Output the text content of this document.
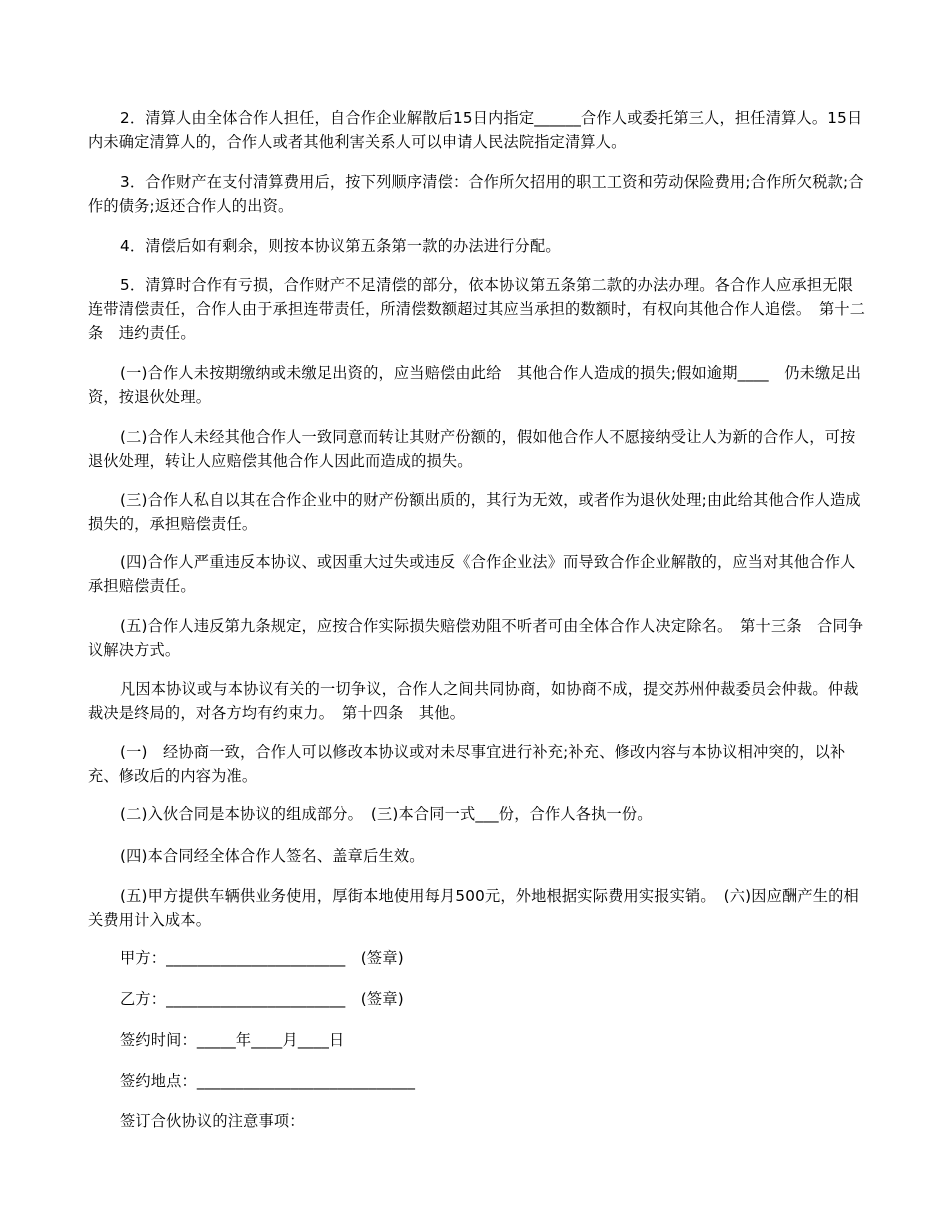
2．清算人由全体合作人担任，自合作企业解散后15日内指定______合作人或委托第三人，担任清算人。15日内未确定清算人的，合作人或者其他利害关系人可以申请人民法院指定清算人。

3．合作财产在支付清算费用后，按下列顺序清偿：合作所欠招用的职工工资和劳动保险费用;合作所欠税款;合作的债务;返还合作人的出资。

4．清偿后如有剩余，则按本协议第五条第一款的办法进行分配。

5．清算时合作有亏损，合作财产不足清偿的部分，依本协议第五条第二款的办法办理。各合作人应承担无限连带清偿责任，合作人由于承担连带责任，所清偿数额超过其应当承担的数额时，有权向其他合作人追偿。　第十二条　违约责任。

(一)合作人未按期缴纳或未缴足出资的，应当赔偿由此给　其他合作人造成的损失;假如逾期____　仍未缴足出资，按退伙处理。

(二)合作人未经其他合作人一致同意而转让其财产份额的，假如他合作人不愿接纳受让人为新的合作人，可按退伙处理，转让人应赔偿其他合作人因此而造成的损失。

(三)合作人私自以其在合作企业中的财产份额出质的，其行为无效，或者作为退伙处理;由此给其他合作人造成损失的，承担赔偿责任。

(四)合作人严重违反本协议、或因重大过失或违反《合作企业法》而导致合作企业解散的，应当对其他合作人承担赔偿责任。

(五)合作人违反第九条规定，应按合作实际损失赔偿劝阻不听者可由全体合作人决定除名。　第十三条　合同争议解决方式。

凡因本协议或与本协议有关的一切争议，合作人之间共同协商，如协商不成，提交苏州仲裁委员会仲裁。仲裁裁决是终局的，对各方均有约束力。　第十四条　其他。

(一)　经协商一致，合作人可以修改本协议或对未尽事宜进行补充;补充、修改内容与本协议相冲突的，以补充、修改后的内容为准。

(二)入伙合同是本协议的组成部分。　(三)本合同一式___份，合作人各执一份。

(四)本合同经全体合作人签名、盖章后生效。

(五)甲方提供车辆供业务使用，厚街本地使用每月500元，外地根据实际费用实报实销。　(六)因应酬产生的相关费用计入成本。

甲方：_______________________　(签章)

乙方：_______________________　(签章)

签约时间：_____年____月____日

签约地点：____________________________

签订合伙协议的注意事项：
